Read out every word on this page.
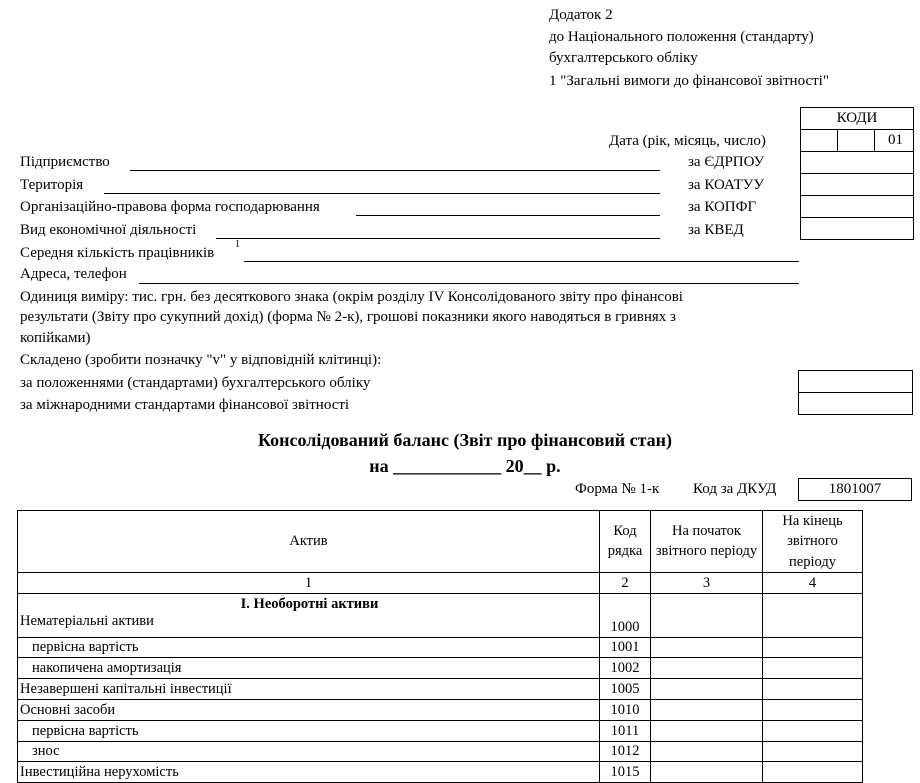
Додаток 2
до Національного положення (стандарту)
бухгалтерського обліку
1 "Загальні вимоги до фінансової звітності"
КОДИ
		01

Дата (рік, місяць, число)
за ЄДРПОУ
за КОАТУУ
за КОПФГ
за КВЕД
Підприємство
Територія
Організаційно-правова форма господарювання
Вид економічної діяльності
Середня кількість працівників
1
Адреса, телефон
Одиниця виміру: тис. грн. без десяткового знака (окрім розділу IV Консолідованого звіту про фінансові
результати (Звіту про сукупний дохід) (форма № 2-к), грошові показники якого наводяться в гривнях з
копійками)
Складено (зробити позначку "v" у відповідній клітинці):
за положеннями (стандартами) бухгалтерського обліку
за міжнародними стандартами фінансової звітності
Консолідований баланс (Звіт про фінансовий стан)
на ____________ 20__ р.
Форма № 1-к Код за ДКУД	1801007
Актив	Код рядка	На початок звітного періоду	На кінець звітного періоду
1	2	3	4

I. Необоротні активи
Нематеріальні активи	1000		
первісна вартість	1001		
накопичена амортизація	1002		
Незавершені капітальні інвестиції	1005		
Основні засоби	1010		
первісна вартість	1011		
знос	1012		
Інвестиційна нерухомість	1015		
